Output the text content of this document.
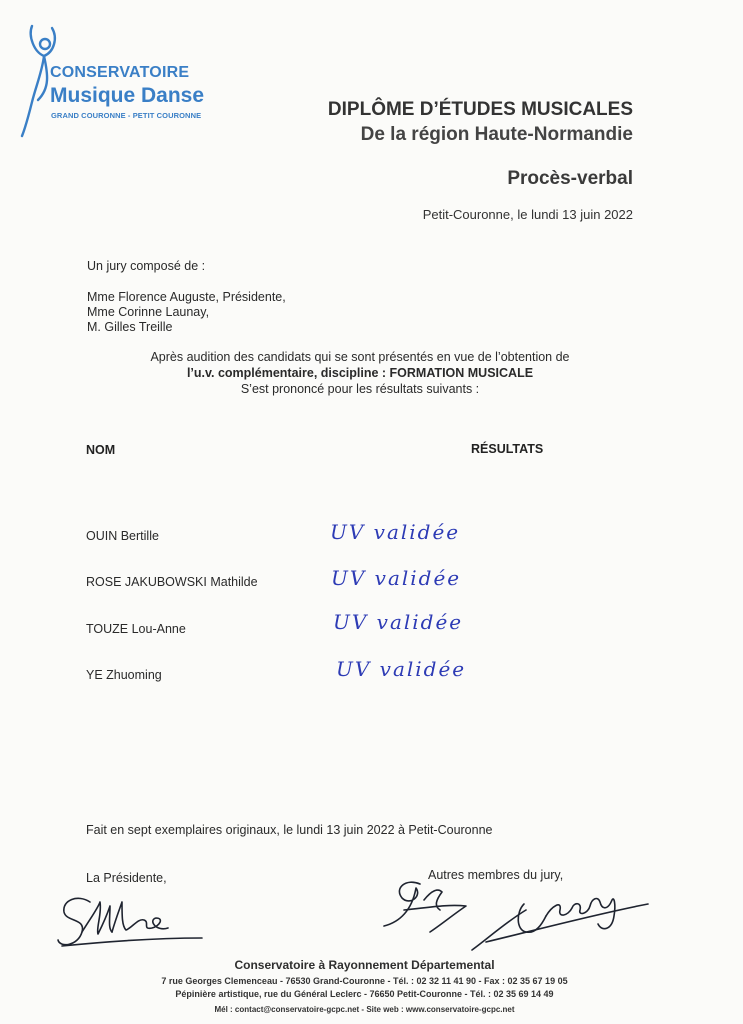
CONSERVATOIRE
Musique Danse
GRAND COURONNE - PETIT COURONNE	DIPLÔME D’ÉTUDES MUSICALES
De la région Haute-Normandie
Procès-verbal
Petit-Couronne, le lundi 13 juin 2022
Un jury composé de :
Mme Florence Auguste, Présidente,
Mme Corinne Launay,
M. Gilles Treille
Après audition des candidats qui se sont présentés en vue de l’obtention de
l’u.v. complémentaire, discipline : FORMATION MUSICALE
S’est prononcé pour les résultats suivants :
NOM	RÉSULTATS
OUIN Bertille	UV validée
ROSE JAKUBOWSKI Mathilde	UV validée
TOUZE Lou-Anne	UV validée
YE Zhuoming	UV validée
Fait en sept exemplaires originaux, le lundi 13 juin 2022 à Petit-Couronne
La Présidente,	Autres membres du jury,
Conservatoire à Rayonnement Départemental
7 rue Georges Clemenceau - 76530 Grand-Couronne - Tél. : 02 32 11 41 90 - Fax : 02 35 67 19 05
Pépinière artistique, rue du Général Leclerc - 76650 Petit-Couronne - Tél. : 02 35 69 14 49
Mél : contact@conservatoire-gcpc.net - Site web : www.conservatoire-gcpc.net
